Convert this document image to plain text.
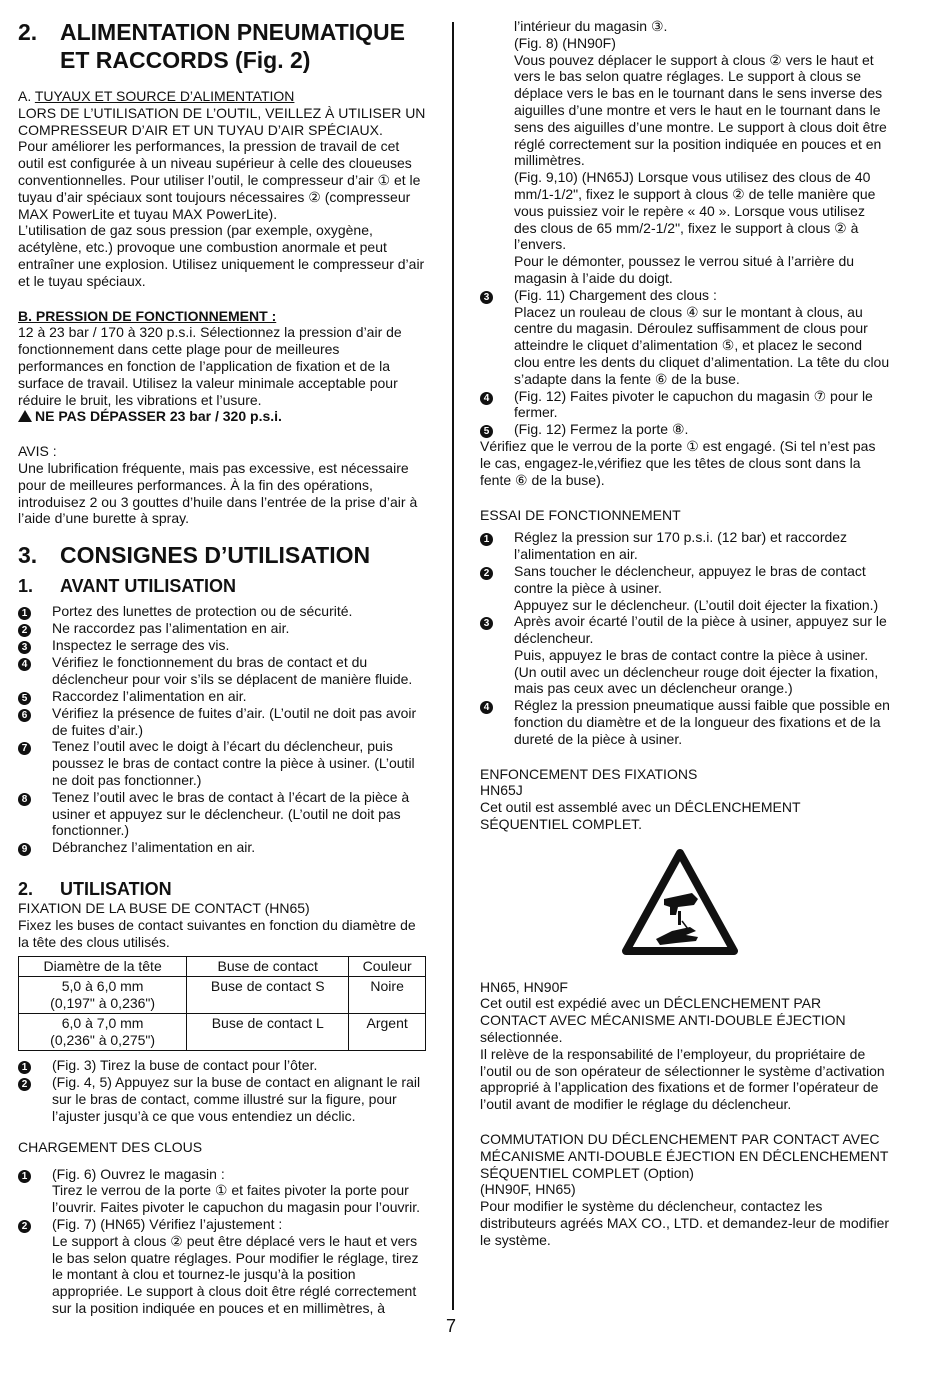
2. ALIMENTATION PNEUMATIQUE
ET RACCORDS (Fig. 2)

A. TUYAUX ET SOURCE D’ALIMENTATION

LORS DE L’UTILISATION DE L’OUTIL, VEILLEZ À UTILISER UN COMPRESSEUR D’AIR ET UN TUYAU D’AIR SPÉCIAUX.

Pour améliorer les performances, la pression de travail de cet outil est configurée à un niveau supérieur à celle des cloueuses conventionnelles. Pour utiliser l’outil, le compresseur d’air ① et le tuyau d’air spéciaux sont toujours nécessaires ② (compresseur MAX PowerLite et tuyau MAX PowerLite).

L’utilisation de gaz sous pression (par exemple, oxygène, acétylène, etc.) provoque une combustion anormale et peut entraîner une explosion. Utilisez uniquement le compresseur d’air et le tuyau spéciaux.

B. PRESSION DE FONCTIONNEMENT :

12 à 23 bar / 170 à 320 p.s.i. Sélectionnez la pression d’air de fonctionnement dans cette plage pour de meilleures performances en fonction de l’application de fixation et de la surface de travail. Utilisez la valeur minimale acceptable pour réduire le bruit, les vibrations et l’usure.

NE PAS DÉPASSER 23 bar / 320 p.s.i.

AVIS :

Une lubrification fréquente, mais pas excessive, est nécessaire pour de meilleures performances. À la fin des opérations, introduisez 2 ou 3 gouttes d’huile dans l’entrée de la prise d’air à l’aide d’une burette à spray.

3. CONSIGNES D’UTILISATION
1.	AVANT UTILISATION
1	Portez des lunettes de protection ou de sécurité.
2	Ne raccordez pas l’alimentation en air.
3	Inspectez le serrage des vis.
4	Vérifiez le fonctionnement du bras de contact et du déclencheur pour voir s’ils se déplacent de manière fluide.
5	Raccordez l’alimentation en air.
6	Vérifiez la présence de fuites d’air. (L’outil ne doit pas avoir de fuites d’air.)
7	Tenez l’outil avec le doigt à l’écart du déclencheur, puis poussez le bras de contact contre la pièce à usiner. (L’outil ne doit pas fonctionner.)
8	Tenez l’outil avec le bras de contact à l’écart de la pièce à usiner et appuyez sur le déclencheur. (L’outil ne doit pas fonctionner.)
9	Débranchez l’alimentation en air.
2.	UTILISATION

FIXATION DE LA BUSE DE CONTACT (HN65)

Fixez les buses de contact suivantes en fonction du diamètre de la tête des clous utilisés.

Diamètre de la tête	Buse de contact	Couleur
5,0 à 6,0 mm
(0,197" à 0,236")	Buse de contact S	Noire
6,0 à 7,0 mm
(0,236" à 0,275")	Buse de contact L	Argent
1	(Fig. 3) Tirez la buse de contact pour l’ôter.
2	(Fig. 4, 5) Appuyez sur la buse de contact en alignant le rail sur le bras de contact, comme illustré sur la figure, pour l’ajuster jusqu’à ce que vous entendiez un déclic.

CHARGEMENT DES CLOUS

1	(Fig. 6) Ouvrez le magasin :
Tirez le verrou de la porte ① et faites pivoter la porte pour l’ouvrir. Faites pivoter le capuchon du magasin pour l’ouvrir.
2	(Fig. 7) (HN65) Vérifiez l’ajustement :
Le support à clous ② peut être déplacé vers le haut et vers le bas selon quatre réglages. Pour modifier le réglage, tirez le montant à clou et tournez-le jusqu’à la position appropriée. Le support à clous doit être réglé correctement sur la position indiquée en pouces et en millimètres, à

l’intérieur du magasin ③.

(Fig. 8) (HN90F)

Vous pouvez déplacer le support à clous ② vers le haut et vers le bas selon quatre réglages. Le support à clous se déplace vers le bas en le tournant dans le sens inverse des aiguilles d’une montre et vers le haut en le tournant dans le sens des aiguilles d’une montre. Le support à clous doit être réglé correctement sur la position indiquée en pouces et en millimètres.

(Fig. 9,10) (HN65J) Lorsque vous utilisez des clous de 40 mm/1-1/2", fixez le support à clous ② de telle manière que vous puissiez voir le repère « 40 ». Lorsque vous utilisez des clous de 65 mm/2-1/2", fixez le support à clous ② à l’envers.

Pour le démonter, poussez le verrou situé à l’arrière du magasin à l’aide du doigt.

3	(Fig. 11) Chargement des clous :
Placez un rouleau de clous ④ sur le montant à clous, au centre du magasin. Déroulez suffisamment de clous pour atteindre le cliquet d’alimentation ⑤, et placez le second clou entre les dents du cliquet d’alimentation. La tête du clou s’adapte dans la fente ⑥ de la buse.
4	(Fig. 12) Faites pivoter le capuchon du magasin ⑦ pour le fermer.
5	(Fig. 12) Fermez la porte ⑧.

Vérifiez que le verrou de la porte ① est engagé. (Si tel n’est pas le cas, engagez-le,vérifiez que les têtes de clous sont dans la fente ⑥ de la buse).

ESSAI DE FONCTIONNEMENT

1	Réglez la pression sur 170 p.s.i. (12 bar) et raccordez l’alimentation en air.
2	Sans toucher le déclencheur, appuyez le bras de contact contre la pièce à usiner.
Appuyez sur le déclencheur. (L’outil doit éjecter la fixation.)
3	Après avoir écarté l’outil de la pièce à usiner, appuyez sur le déclencheur.
Puis, appuyez le bras de contact contre la pièce à usiner. (Un outil avec un déclencheur rouge doit éjecter la fixation, mais pas ceux avec un déclencheur orange.)
4	Réglez la pression pneumatique aussi faible que possible en fonction du diamètre et de la longueur des fixations et de la dureté de la pièce à usiner.

ENFONCEMENT DES FIXATIONS

HN65J

Cet outil est assemblé avec un DÉCLENCHEMENT SÉQUENTIEL COMPLET.

HN65, HN90F

Cet outil est expédié avec un DÉCLENCHEMENT PAR CONTACT AVEC MÉCANISME ANTI-DOUBLE ÉJECTION sélectionnée.

Il relève de la responsabilité de l’employeur, du propriétaire de l’outil ou de son opérateur de sélectionner le système d’activation approprié à l’application des fixations et de former l’opérateur de l’outil avant de modifier le réglage du déclencheur.

COMMUTATION DU DÉCLENCHEMENT PAR CONTACT AVEC MÉCANISME ANTI-DOUBLE ÉJECTION EN DÉCLENCHEMENT SÉQUENTIEL COMPLET (Option)

(HN90F, HN65)

Pour modifier le système du déclencheur, contactez les distributeurs agréés MAX CO., LTD. et demandez-leur de modifier le système.

7
